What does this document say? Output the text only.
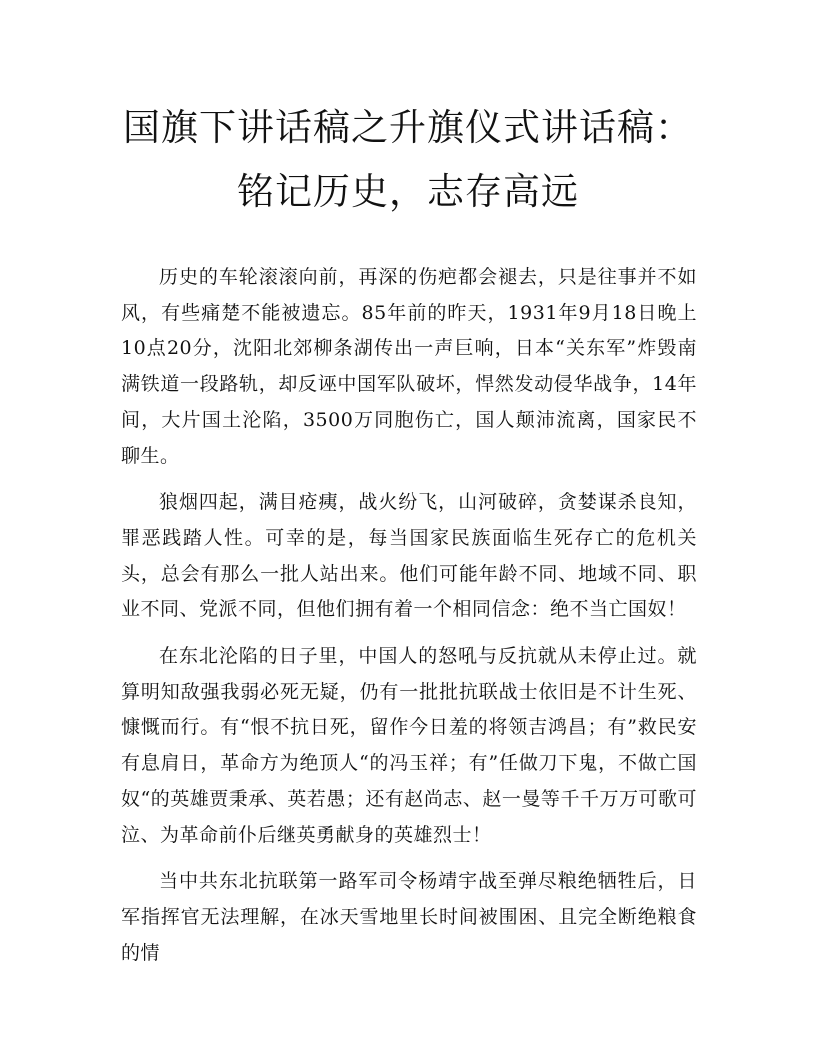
国旗下讲话稿之升旗仪式讲话稿：铭记历史，志存高远

历史的车轮滚滚向前，再深的伤疤都会褪去，只是往事并不如风，有些痛楚不能被遗忘。85年前的昨天，1931年9月18日晚上10点20分，沈阳北郊柳条湖传出一声巨响，日本“关东军”炸毁南满铁道一段路轨，却反诬中国军队破坏，悍然发动侵华战争，14年间，大片国土沦陷，3500万同胞伤亡，国人颠沛流离，国家民不聊生。

狼烟四起，满目疮痍，战火纷飞，山河破碎，贪婪谋杀良知，罪恶践踏人性。可幸的是，每当国家民族面临生死存亡的危机关头，总会有那么一批人站出来。他们可能年龄不同、地域不同、职业不同、党派不同，但他们拥有着一个相同信念：绝不当亡国奴！

在东北沦陷的日子里，中国人的怒吼与反抗就从未停止过。就算明知敌强我弱必死无疑，仍有一批批抗联战士依旧是不计生死、慷慨而行。有“恨不抗日死，留作今日羞的将领吉鸿昌；有”救民安有息肩日，革命方为绝顶人“的冯玉祥；有”任做刀下鬼，不做亡国奴“的英雄贾秉承、英若愚；还有赵尚志、赵一曼等千千万万可歌可泣、为革命前仆后继英勇献身的英雄烈士！

当中共东北抗联第一路军司令杨靖宇战至弹尽粮绝牺牲后，日军指挥官无法理解，在冰天雪地里长时间被围困、且完全断绝粮食的情
